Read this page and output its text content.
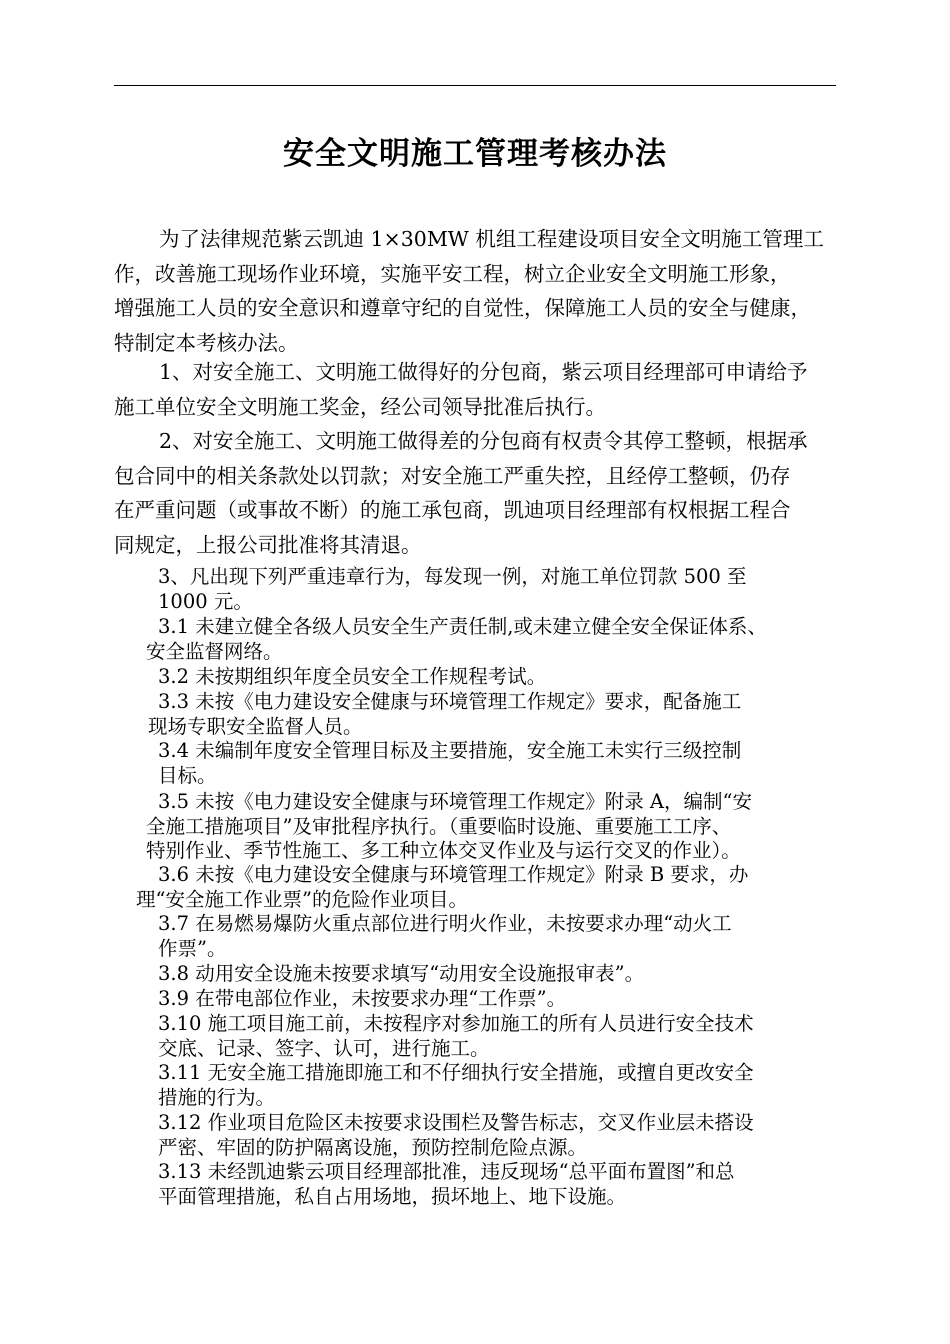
安全文明施工管理考核办法
为了法律规范紫云凯迪 1×30MW 机组工程建设项目安全文明施工管理工
作，改善施工现场作业环境，实施平安工程，树立企业安全文明施工形象，
增强施工人员的安全意识和遵章守纪的自觉性，保障施工人员的安全与健康，
特制定本考核办法。
1、对安全施工、文明施工做得好的分包商，紫云项目经理部可申请给予
施工单位安全文明施工奖金，经公司领导批准后执行。
2、对安全施工、文明施工做得差的分包商有权责令其停工整顿，根据承
包合同中的相关条款处以罚款；对安全施工严重失控，且经停工整顿，仍存
在严重问题（或事故不断）的施工承包商，凯迪项目经理部有权根据工程合
同规定，上报公司批准将其清退。
3、凡出现下列严重违章行为，每发现一例，对施工单位罚款 500 至
1000 元。
3.1 未建立健全各级人员安全生产责任制,或未建立健全安全保证体系、
安全监督网络。
3.2 未按期组织年度全员安全工作规程考试。
3.3 未按《电力建设安全健康与环境管理工作规定》要求，配备施工
现场专职安全监督人员。
3.4 未编制年度安全管理目标及主要措施，安全施工未实行三级控制
目标。
3.5 未按《电力建设安全健康与环境管理工作规定》附录 A，编制“安
全施工措施项目”及审批程序执行。（重要临时设施、重要施工工序、
特别作业、季节性施工、多工种立体交叉作业及与运行交叉的作业）。
3.6 未按《电力建设安全健康与环境管理工作规定》附录 B 要求，办
理“安全施工作业票”的危险作业项目。
3.7 在易燃易爆防火重点部位进行明火作业，未按要求办理“动火工
作票”。
3.8 动用安全设施未按要求填写“动用安全设施报审表”。
3.9 在带电部位作业，未按要求办理“工作票”。
3.10 施工项目施工前，未按程序对参加施工的所有人员进行安全技术
交底、记录、签字、认可，进行施工。
3.11 无安全施工措施即施工和不仔细执行安全措施，或擅自更改安全
措施的行为。
3.12 作业项目危险区未按要求设围栏及警告标志，交叉作业层未搭设
严密、牢固的防护隔离设施，预防控制危险点源。
3.13 未经凯迪紫云项目经理部批准，违反现场“总平面布置图”和总
平面管理措施，私自占用场地，损坏地上、地下设施。
